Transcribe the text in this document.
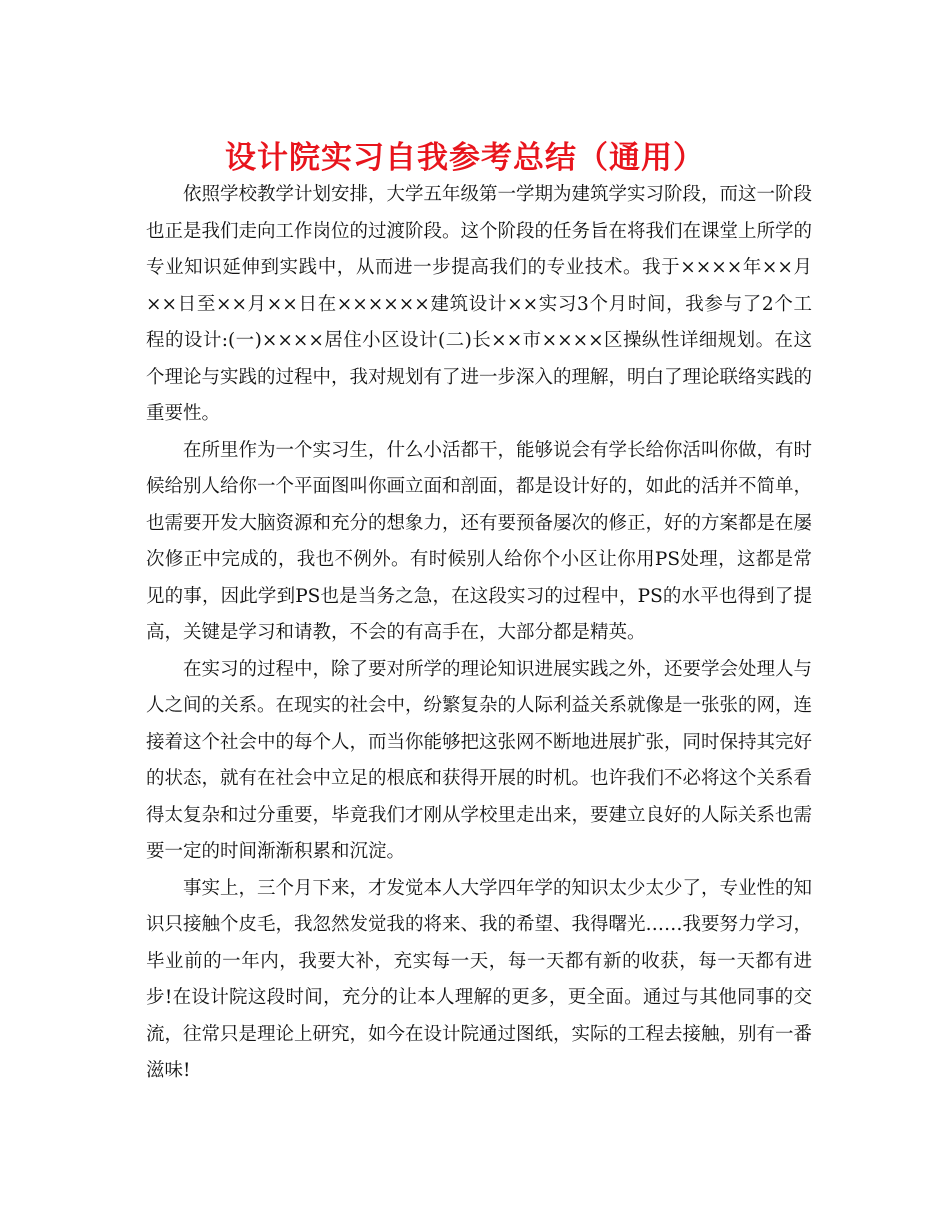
设计院实习自我参考总结（通用）

依照学校教学计划安排，大学五年级第一学期为建筑学实习阶段，而这一阶段也正是我们走向工作岗位的过渡阶段。这个阶段的任务旨在将我们在课堂上所学的专业知识延伸到实践中，从而进一步提高我们的专业技术。我于××××年××月××日至××月××日在××××××建筑设计××实习3个月时间，我参与了2个工程的设计:(一)××××居住小区设计(二)长××市××××区操纵性详细规划。在这个理论与实践的过程中，我对规划有了进一步深入的理解，明白了理论联络实践的重要性。

在所里作为一个实习生，什么小活都干，能够说会有学长给你活叫你做，有时候给别人给你一个平面图叫你画立面和剖面，都是设计好的，如此的活并不简单，也需要开发大脑资源和充分的想象力，还有要预备屡次的修正，好的方案都是在屡次修正中完成的，我也不例外。有时候别人给你个小区让你用PS处理，这都是常见的事，因此学到PS也是当务之急，在这段实习的过程中，PS的水平也得到了提高，关键是学习和请教，不会的有高手在，大部分都是精英。

在实习的过程中，除了要对所学的理论知识进展实践之外，还要学会处理人与人之间的关系。在现实的社会中，纷繁复杂的人际利益关系就像是一张张的网，连接着这个社会中的每个人，而当你能够把这张网不断地进展扩张，同时保持其完好的状态，就有在社会中立足的根底和获得开展的时机。也许我们不必将这个关系看得太复杂和过分重要，毕竟我们才刚从学校里走出来，要建立良好的人际关系也需要一定的时间渐渐积累和沉淀。

事实上，三个月下来，才发觉本人大学四年学的知识太少太少了，专业性的知识只接触个皮毛，我忽然发觉我的将来、我的希望、我得曙光……我要努力学习，毕业前的一年内，我要大补，充实每一天，每一天都有新的收获，每一天都有进步!在设计院这段时间，充分的让本人理解的更多，更全面。通过与其他同事的交流，往常只是理论上研究，如今在设计院通过图纸，实际的工程去接触，别有一番滋味!
